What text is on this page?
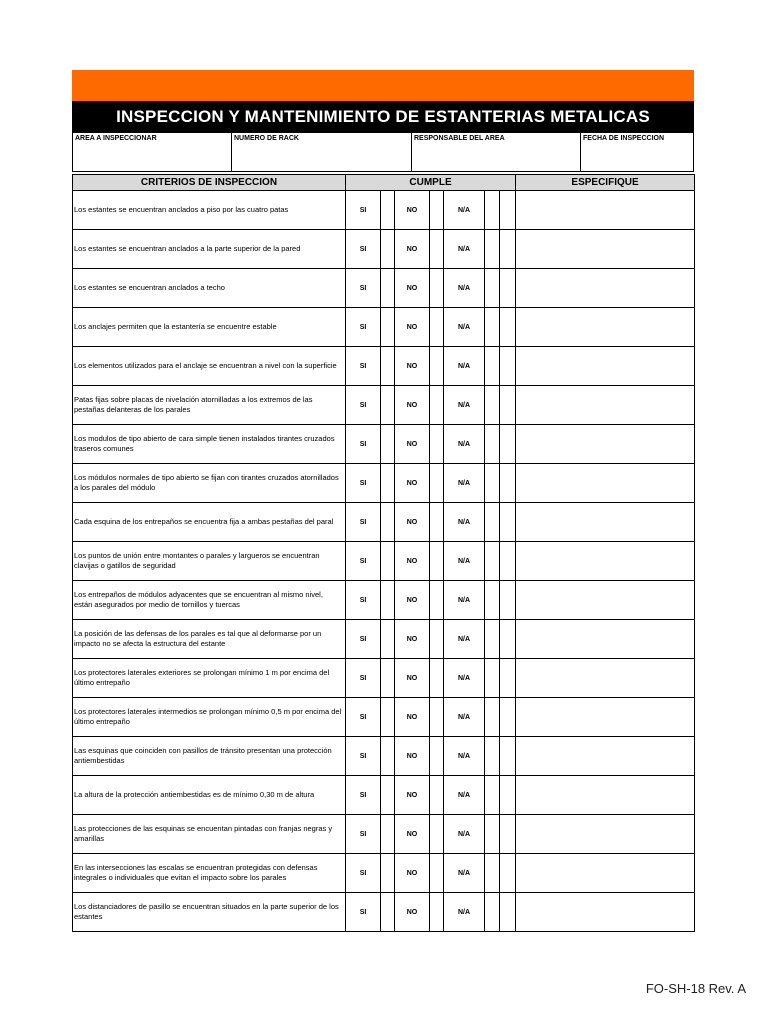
INSPECCION Y MANTENIMIENTO DE ESTANTERIAS METALICAS
AREA A INSPECCIONAR	NUMERO DE RACK	RESPONSABLE DEL AREA	FECHA DE INSPECCION
CRITERIOS DE INSPECCION	CUMPLE							ESPECIFIQUE
Los estantes se encuentran anclados a piso por las cuatro patas	SI		NO		N/A			
Los estantes se encuentran anclados a la parte superior de la pared	SI		NO		N/A			
Los estantes se encuentran anclados a techo	SI		NO		N/A			
Los anclajes permiten que la estantería se encuentre estable	SI		NO		N/A			
Los elementos utilizados para el anclaje se encuentran a nivel con la superficie	SI		NO		N/A			
Patas fijas sobre placas de nivelación atornilladas a los extremos de las pestañas delanteras de los parales	SI		NO		N/A			
Los modulos de tipo abierto de cara simple tienen instalados tirantes cruzados traseros comunes	SI		NO		N/A			
Los módulos normales de tipo abierto se fijan con tirantes cruzados atornillados a los parales del módulo	SI		NO		N/A			
Cada esquina de los entrepaños se encuentra fija a ambas pestañas del paral	SI		NO		N/A			
Los puntos de unión entre montantes o parales y largueros se encuentran clavijas o gatillos de seguridad	SI		NO		N/A			
Los entrepaños de módulos adyacentes que se encuentran al mismo nivel, están asegurados por medio de tornillos y tuercas	SI		NO		N/A			
La posición de las defensas de los parales es tal que al deformarse por un impacto no se afecta la estructura del estante	SI		NO		N/A			
Los protectores laterales exteriores se prolongan mínimo 1 m por encima del último entrepaño	SI		NO		N/A			
Los protectores laterales intermedios se prolongan mínimo 0,5 m por encima del último entrepaño	SI		NO		N/A			
Las esquinas que coinciden con pasillos de tránsito presentan una protección antiembestidas	SI		NO		N/A			
La altura de la protección antiembestidas es de mínimo 0,30 m de altura	SI		NO		N/A			
Las protecciones de las esquinas se encuentan pintadas con franjas negras y amarillas	SI		NO		N/A			
En las intersecciones las escalas se encuentran protegidas con defensas integrales o individuales que evitan el impacto sobre los parales	SI		NO		N/A			
Los distanciadores de pasillo se encuentran situados en la parte superior de los estantes	SI		NO		N/A			
FO-SH-18 Rev. A
